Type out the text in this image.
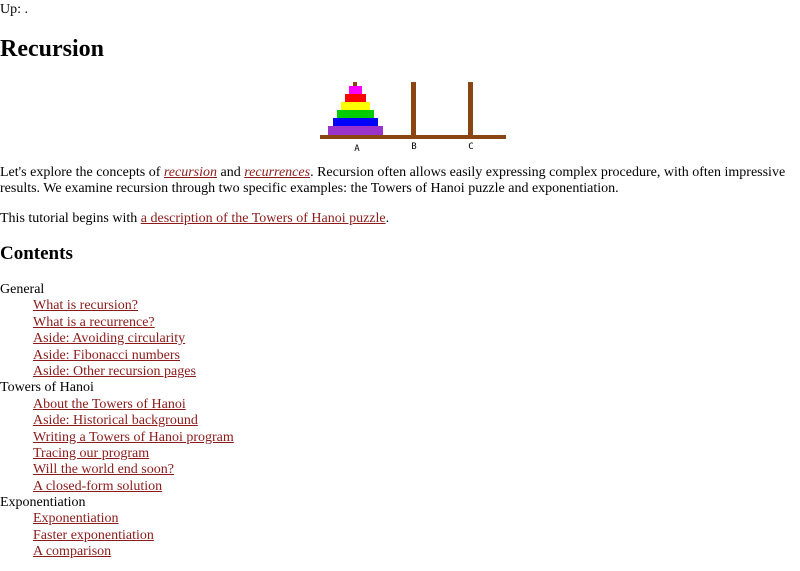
Up: .
Recursion
A	B	C

Let's explore the concepts of recursion and recurrences. Recursion often allows easily expressing complex procedure, with often impressive results. We examine recursion through two specific examples: the Towers of Hanoi puzzle and exponentiation.

This tutorial begins with a description of the Towers of Hanoi puzzle.

Contents
General
What is recursion?
What is a recurrence?
Aside: Avoiding circularity
Aside: Fibonacci numbers
Aside: Other recursion pages
Towers of Hanoi
About the Towers of Hanoi
Aside: Historical background
Writing a Towers of Hanoi program
Tracing our program
Will the world end soon?
A closed-form solution
Exponentiation
Exponentiation
Faster exponentiation
A comparison
